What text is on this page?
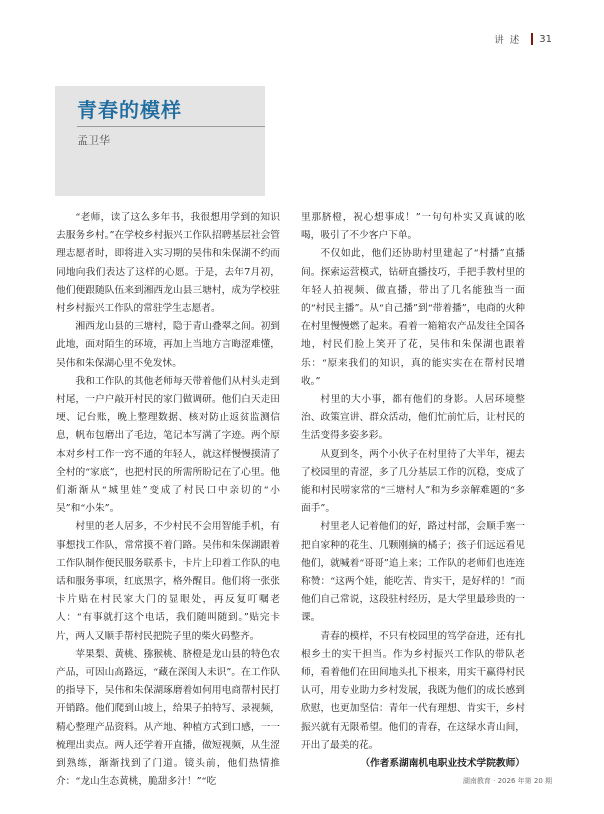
讲述 31
青春的模样
孟卫华

“老师，读了这么多年书，我很想用学到的知识去服务乡村。”在学校乡村振兴工作队招聘基层社会管理志愿者时，即将进入实习期的吴伟和朱保湖不约而同地向我们表达了这样的心愿。于是，去年7月初，他们便跟随队伍来到湘西龙山县三塘村，成为学校驻村乡村振兴工作队的常驻学生志愿者。

湘西龙山县的三塘村，隐于青山叠翠之间。初到此地，面对陌生的环境，再加上当地方言晦涩难懂，吴伟和朱保湖心里不免发怵。

我和工作队的其他老师每天带着他们从村头走到村尾，一户户敲开村民的家门做调研。他们白天走田埂、记台账，晚上整理数据、核对防止返贫监测信息，帆布包磨出了毛边，笔记本写满了字迹。两个原本对乡村工作一窍不通的年轻人，就这样慢慢摸清了全村的“家底”，也把村民的所需所盼记在了心里。他们渐渐从“城里娃”变成了村民口中亲切的“小吴”和“小朱”。

村里的老人居多，不少村民不会用智能手机，有事想找工作队，常常摸不着门路。吴伟和朱保湖跟着工作队制作便民服务联系卡，卡片上印着工作队的电话和服务事项，红底黑字，格外醒目。他们将一张张卡片贴在村民家大门的显眼处，再反复叮嘱老人：“有事就打这个电话，我们随叫随到。”贴完卡片，两人又顺手帮村民把院子里的柴火码整齐。

苹果梨、黄桃、猕猴桃、脐橙是龙山县的特色农产品，可因山高路远，“藏在深闺人未识”。在工作队的指导下，吴伟和朱保湖琢磨着如何用电商帮村民打开销路。他们爬到山坡上，给果子拍特写、录视频，精心整理产品资料。从产地、种植方式到口感，一一梳理出卖点。两人还学着开直播，做短视频，从生涩到熟练，渐渐找到了门道。镜头前，他们热情推介：“龙山生态黄桃，脆甜多汁！”“吃

里那脐橙，祝心想事成！”一句句朴实又真诚的吆喝，吸引了不少客户下单。

不仅如此，他们还协助村里建起了“村播”直播间。探索运营模式，钻研直播技巧，手把手教村里的年轻人拍视频、做直播，带出了几名能独当一面的“村民主播”。从“自己播”到“带着播”，电商的火种在村里慢慢燃了起来。看着一箱箱农产品发往全国各地，村民们脸上笑开了花，吴伟和朱保湖也跟着乐：“原来我们的知识，真的能实实在在帮村民增收。”

村里的大小事，都有他们的身影。人居环境整治、政策宣讲、群众活动，他们忙前忙后，让村民的生活变得多姿多彩。

从夏到冬，两个小伙子在村里待了大半年，褪去了校园里的青涩，多了几分基层工作的沉稳，变成了能和村民唠家常的“三塘村人”和为乡亲解难题的“多面手”。

村里老人记着他们的好，路过村部，会顺手塞一把自家种的花生、几颗刚摘的橘子；孩子们远远看见他们，就喊着“哥哥”追上来；工作队的老师们也连连称赞：“这两个娃，能吃苦、肯实干，是好样的！”而他们自己常说，这段驻村经历，是大学里最珍贵的一课。

青春的模样，不只有校园里的笃学奋进，还有扎根乡土的实干担当。作为乡村振兴工作队的带队老师，看着他们在田间地头扎下根来，用实干赢得村民认可，用专业助力乡村发展，我既为他们的成长感到欣慰，也更加坚信：青年一代有理想、肯实干，乡村振兴就有无限希望。他们的青春，在这绿水青山间，开出了最美的花。

（作者系湖南机电职业技术学院教师）

湖南教育 · 2026 年第 20 期
